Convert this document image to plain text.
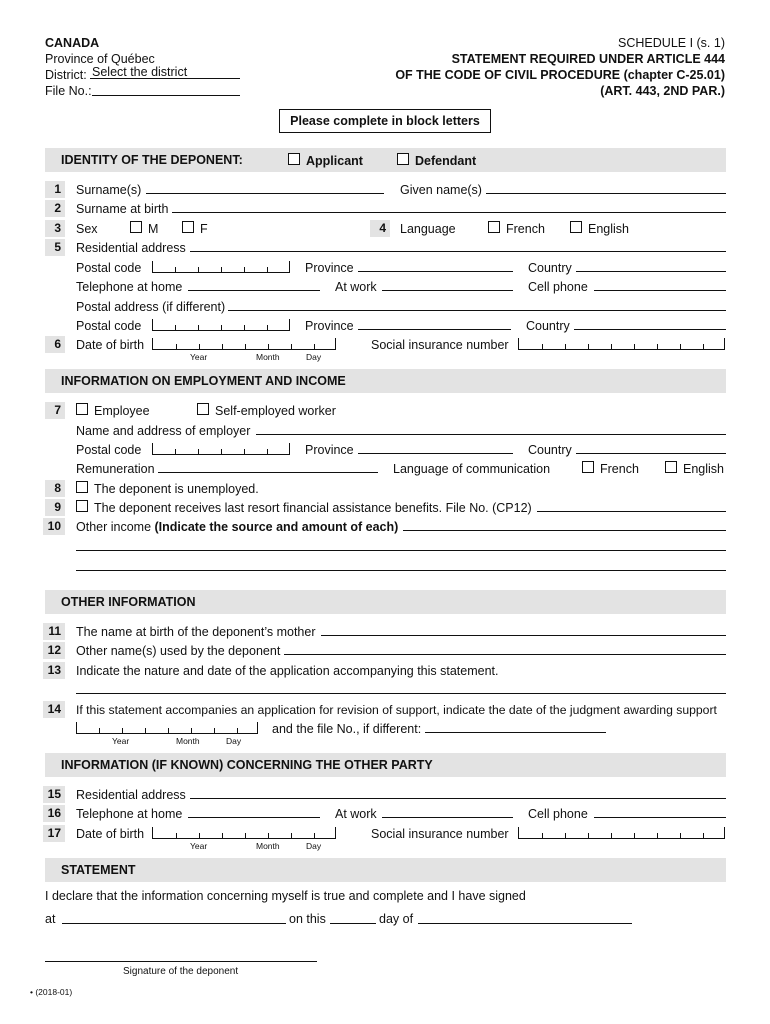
CANADA
Province of Québec
District: Select the district
File No.:
SCHEDULE I (s. 1)
STATEMENT REQUIRED UNDER ARTICLE 444
OF THE CODE OF CIVIL PROCEDURE (chapter C-25.01)
(ART. 443, 2ND PAR.)
Please complete in block letters
IDENTITY OF THE DEPONENT:	Applicant	Defendant
1	Surname(s)	Given name(s)
2	Surname at birth
3	Sex	M	F	4	Language	French	English
5	Residential address
Postal code	Province	Country
Telephone at home	At work	Cell phone
Postal address (if different)
Postal code	Province	Country
6	Date of birth
Year	Month	Day
Social insurance number
INFORMATION ON EMPLOYMENT AND INCOME
7	Employee	Self-employed worker
Name and address of employer
Postal code	Province	Country
Remuneration	Language of communication	French	English
8	The deponent is unemployed.
9	The deponent receives last resort financial assistance benefits. File No. (CP12)
10	Other income (Indicate the source and amount of each)
OTHER INFORMATION
11	The name at birth of the deponent’s mother
12	Other name(s) used by the deponent
13	Indicate the nature and date of the application accompanying this statement.
14	If this statement accompanies an application for revision of support, indicate the date of the judgment awarding support
Year	Month	Day
and the file No., if different:
INFORMATION (IF KNOWN) CONCERNING THE OTHER PARTY
15	Residential address
16	Telephone at home	At work	Cell phone
17	Date of birth
Year	Month	Day
Social insurance number
STATEMENT
I declare that the information concerning myself is true and complete and I have signed
at	on this	day of
Signature of the deponent
• (2018-01)
